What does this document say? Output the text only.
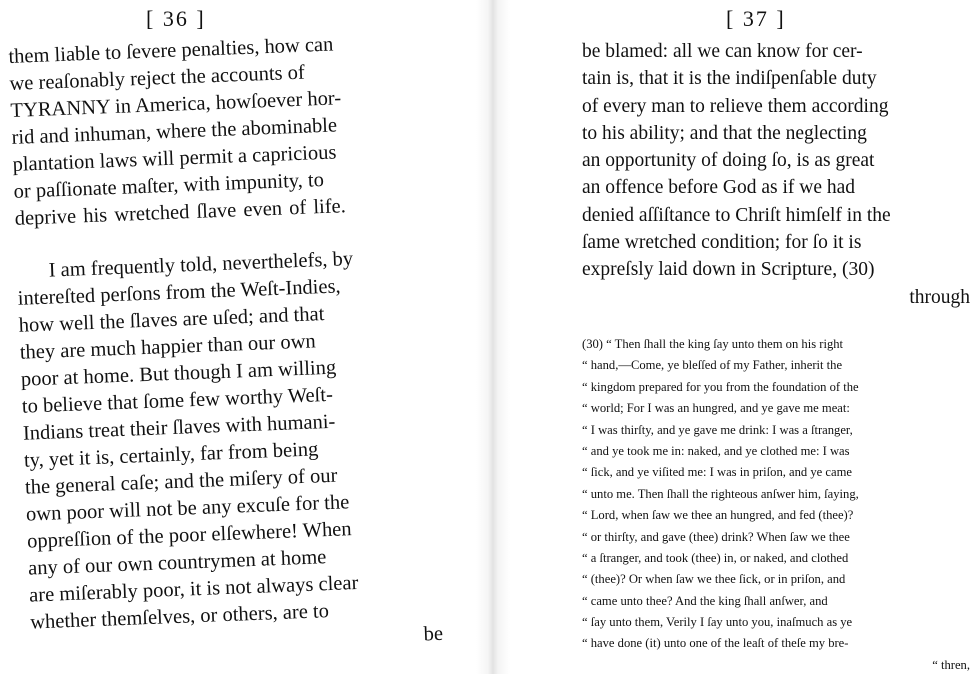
[ 36 ]
them liable to ſevere penalties, how can
we reaſonably reject the accounts of
TYRANNY in America, howſoever hor-
rid and inhuman, where the abominable
plantation laws will permit a capricious
or paſſionate maſter, with impunity, to
deprive his wretched ſlave even of life.
I am frequently told, neverthelefs, by
intereſted perſons from the Weſt-Indies,
how well the ſlaves are uſed; and that
they are much happier than our own
poor at home. But though I am willing
to believe that ſome few worthy Weſt-
Indians treat their ſlaves with humani-
ty, yet it is, certainly, far from being
the general caſe; and the miſery of our
own poor will not be any excuſe for the
oppreſſion of the poor elſewhere! When
any of our own countrymen at home
are miſerably poor, it is not always clear
whether themſelves, or others, are to
be
[ 37 ]
be blamed: all we can know for cer-
tain is, that it is the indiſpenſable duty
of every man to relieve them according
to his ability; and that the neglecting
an opportunity of doing ſo, is as great
an offence before God as if we had
denied aſſiſtance to Chriſt himſelf in the
ſame wretched condition; for ſo it is
expreſsly laid down in Scripture, (30)
through
(30) “ Then ſhall the king ſay unto them on his right
“ hand,—Come, ye bleſſed of my Father, inherit the
“ kingdom prepared for you from the foundation of the
“ world; For I was an hungred, and ye gave me meat:
“ I was thirſty, and ye gave me drink: I was a ſtranger,
“ and ye took me in: naked, and ye clothed me: I was
“ ſick, and ye viſited me: I was in priſon, and ye came
“ unto me. Then ſhall the righteous anſwer him, ſaying,
“ Lord, when ſaw we thee an hungred, and fed (thee)?
“ or thirſty, and gave (thee) drink? When ſaw we thee
“ a ſtranger, and took (thee) in, or naked, and clothed
“ (thee)? Or when ſaw we thee ſick, or in priſon, and
“ came unto thee? And the king ſhall anſwer, and
“ ſay unto them, Verily I ſay unto you, inaſmuch as ye
“ have done (it) unto one of the leaſt of theſe my bre-
“ thren,
